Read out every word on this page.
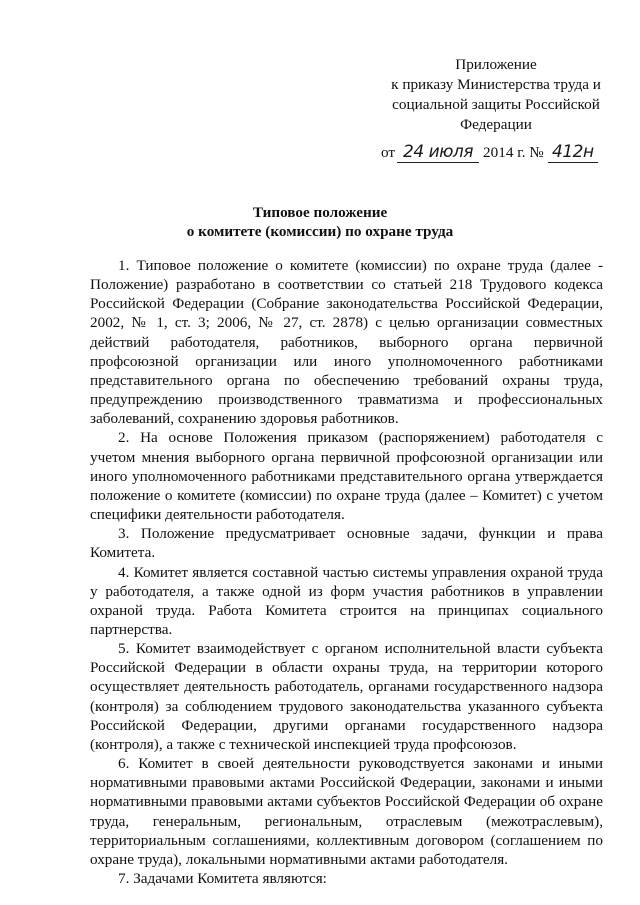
Приложение
к приказу Министерства труда и
социальной защиты Российской
Федерации
от 24 июля 2014 г. № 412н
Типовое положение
о комитете (комиссии) по охране труда

1. Типовое положение о комитете (комиссии) по охране труда (далее - Положение) разработано в соответствии со статьей 218 Трудового кодекса Российской Федерации (Собрание законодательства Российской Федерации, 2002, № 1, ст. 3; 2006, № 27, ст. 2878) с целью организации совместных действий работодателя, работников, выборного органа первичной профсоюзной организации или иного уполномоченного работниками представительного органа по обеспечению требований охраны труда, предупреждению производственного травматизма и профессиональных заболеваний, сохранению здоровья работников.

2. На основе Положения приказом (распоряжением) работодателя с учетом мнения выборного органа первичной профсоюзной организации или иного уполномоченного работниками представительного органа утверждается положение о комитете (комиссии) по охране труда (далее – Комитет) с учетом специфики деятельности работодателя.

3. Положение предусматривает основные задачи, функции и права Комитета.

4. Комитет является составной частью системы управления охраной труда у работодателя, а также одной из форм участия работников в управлении охраной труда. Работа Комитета строится на принципах социального партнерства.

5. Комитет взаимодействует с органом исполнительной власти субъекта Российской Федерации в области охраны труда, на территории которого осуществляет деятельность работодатель, органами государственного надзора (контроля) за соблюдением трудового законодательства указанного субъекта Российской Федерации, другими органами государственного надзора (контроля), а также с технической инспекцией труда профсоюзов.

6. Комитет в своей деятельности руководствуется законами и иными нормативными правовыми актами Российской Федерации, законами и иными нормативными правовыми актами субъектов Российской Федерации об охране труда, генеральным, региональным, отраслевым (межотраслевым), территориальным соглашениями, коллективным договором (соглашением по охране труда), локальными нормативными актами работодателя.

7. Задачами Комитета являются:
